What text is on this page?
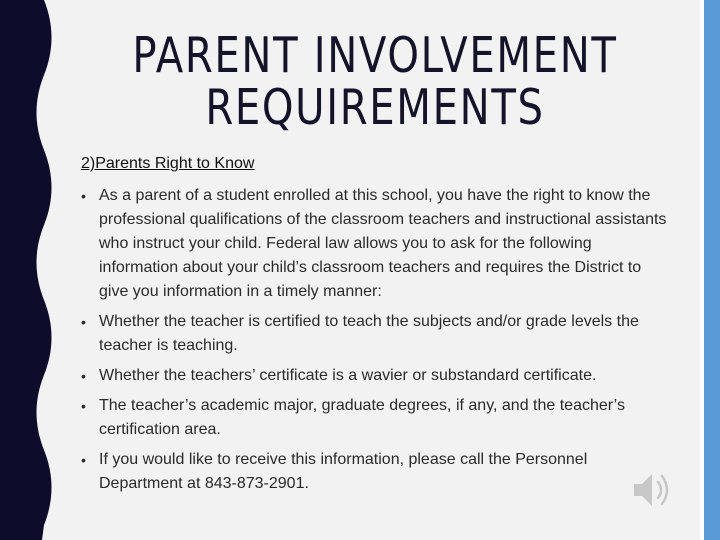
PARENT INVOLVEMENT
REQUIREMENTS

2)Parents Right to Know

• As a parent of a student enrolled at this school, you have the right to know the professional qualifications of the classroom teachers and instructional assistants who instruct your child. Federal law allows you to ask for the following information about your child’s classroom teachers and requires the District to give you information in a timely manner:
• Whether the teacher is certified to teach the subjects and/or grade levels the teacher is teaching.
• Whether the teachers’ certificate is a wavier or substandard certificate.
• The teacher’s academic major, graduate degrees, if any, and the teacher’s certification area.
• If you would like to receive this information, please call the Personnel Department at 843-873-2901.
